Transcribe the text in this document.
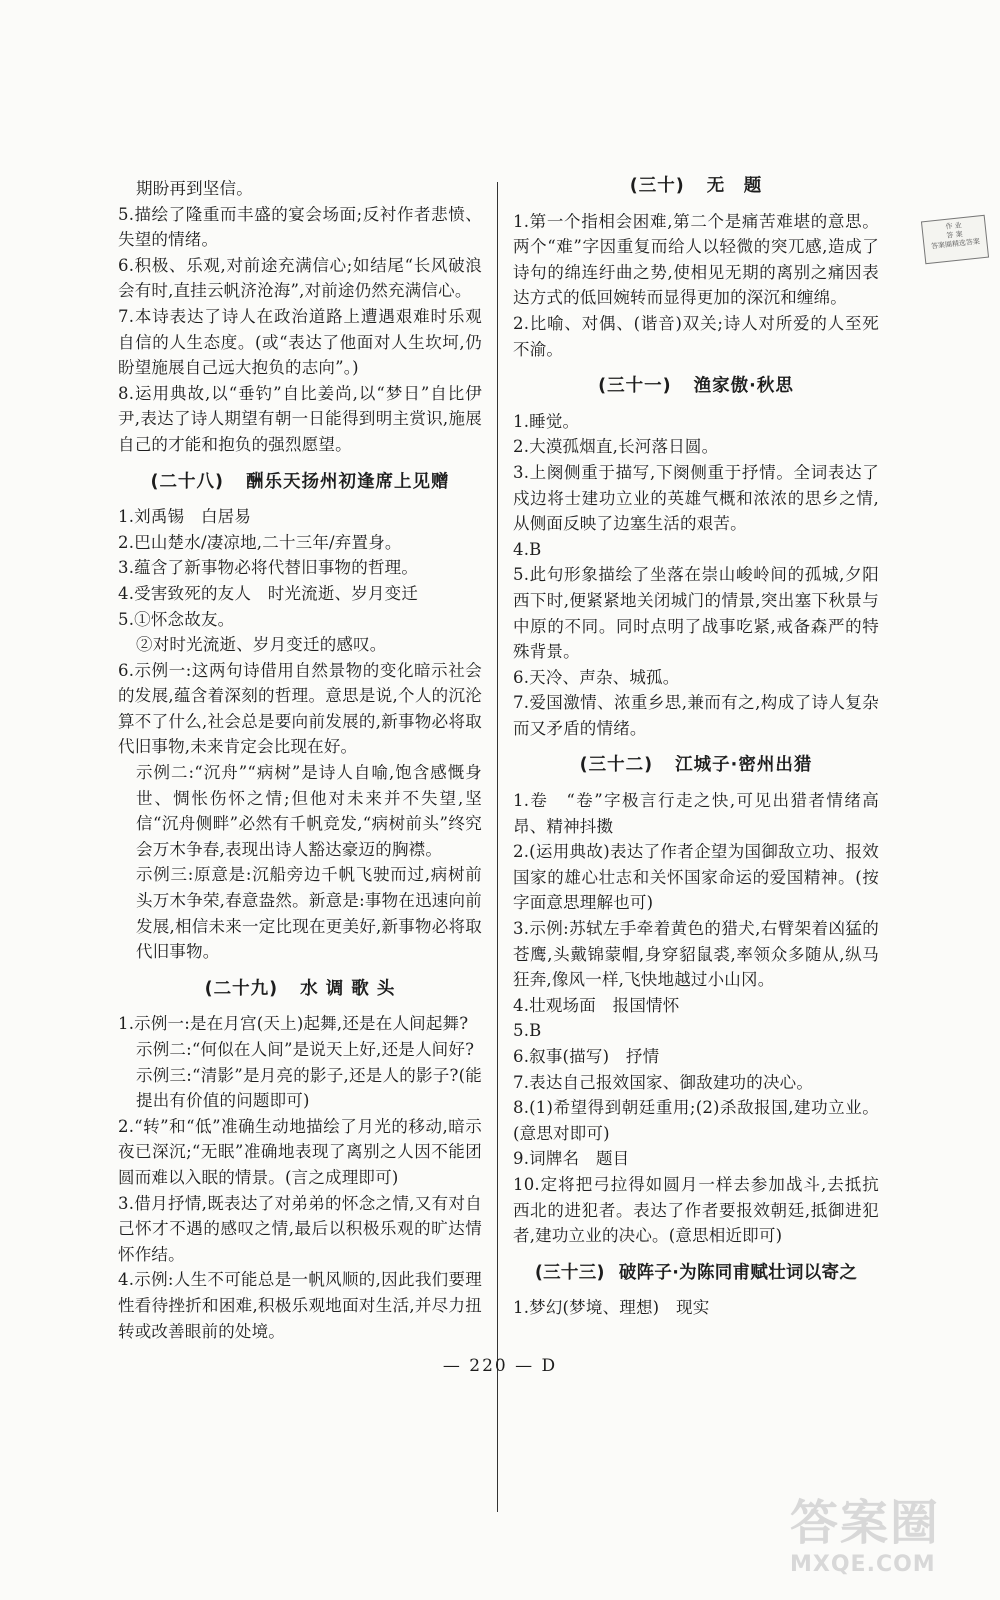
期盼再到坚信。

5.描绘了隆重而丰盛的宴会场面;反衬作者悲愤、失望的情绪。

6.积极、乐观,对前途充满信心;如结尾“长风破浪会有时,直挂云帆济沧海”,对前途仍然充满信心。

7.本诗表达了诗人在政治道路上遭遇艰难时乐观自信的人生态度。(或“表达了他面对人生坎坷,仍盼望施展自己远大抱负的志向”。)

8.运用典故,以“垂钓”自比姜尚,以“梦日”自比伊尹,表达了诗人期望有朝一日能得到明主赏识,施展自己的才能和抱负的强烈愿望。

(二十八) 酬乐天扬州初逢席上见赠

1.刘禹锡　白居易

2.巴山楚水/凄凉地,二十三年/弃置身。

3.蕴含了新事物必将代替旧事物的哲理。

4.受害致死的友人　时光流逝、岁月变迁

5.①怀念故友。

②对时光流逝、岁月变迁的感叹。

6.示例一:这两句诗借用自然景物的变化暗示社会的发展,蕴含着深刻的哲理。意思是说,个人的沉沦算不了什么,社会总是要向前发展的,新事物必将取代旧事物,未来肯定会比现在好。

示例二:“沉舟”“病树”是诗人自喻,饱含感慨身世、惆怅伤怀之情;但他对未来并不失望,坚信“沉舟侧畔”必然有千帆竞发,“病树前头”终究会万木争春,表现出诗人豁达豪迈的胸襟。

示例三:原意是:沉船旁边千帆飞驶而过,病树前头万木争荣,春意盎然。新意是:事物在迅速向前发展,相信未来一定比现在更美好,新事物必将取代旧事物。

(二十九) 水 调 歌 头

1.示例一:是在月宫(天上)起舞,还是在人间起舞?

示例二:“何似在人间”是说天上好,还是人间好?

示例三:“清影”是月亮的影子,还是人的影子?(能提出有价值的问题即可)

2.“转”和“低”准确生动地描绘了月光的移动,暗示夜已深沉;“无眠”准确地表现了离别之人因不能团圆而难以入眠的情景。(言之成理即可)

3.借月抒情,既表达了对弟弟的怀念之情,又有对自己怀才不遇的感叹之情,最后以积极乐观的旷达情怀作结。

4.示例:人生不可能总是一帆风顺的,因此我们要理性看待挫折和困难,积极乐观地面对生活,并尽力扭转或改善眼前的处境。

(三十) 无　题

1.第一个指相会困难,第二个是痛苦难堪的意思。两个“难”字因重复而给人以轻微的突兀感,造成了诗句的绵连纡曲之势,使相见无期的离别之痛因表达方式的低回婉转而显得更加的深沉和缠绵。

2.比喻、对偶、(谐音)双关;诗人对所爱的人至死不渝。

(三十一) 渔家傲·秋思

1.睡觉。

2.大漠孤烟直,长河落日圆。

3.上阕侧重于描写,下阕侧重于抒情。全词表达了戍边将士建功立业的英雄气概和浓浓的思乡之情,从侧面反映了边塞生活的艰苦。

4.B

5.此句形象描绘了坐落在崇山峻岭间的孤城,夕阳西下时,便紧紧地关闭城门的情景,突出塞下秋景与中原的不同。同时点明了战事吃紧,戒备森严的特殊背景。

6.天冷、声杂、城孤。

7.爱国激情、浓重乡思,兼而有之,构成了诗人复杂而又矛盾的情绪。

(三十二) 江城子·密州出猎

1.卷　“卷”字极言行走之快,可见出猎者情绪高昂、精神抖擞

2.(运用典故)表达了作者企望为国御敌立功、报效国家的雄心壮志和关怀国家命运的爱国精神。(按字面意思理解也可)

3.示例:苏轼左手牵着黄色的猎犬,右臂架着凶猛的苍鹰,头戴锦蒙帽,身穿貂鼠裘,率领众多随从,纵马狂奔,像风一样,飞快地越过小山冈。

4.壮观场面　报国情怀

5.B

6.叙事(描写)　抒情

7.表达自己报效国家、御敌建功的决心。

8.(1)希望得到朝廷重用;(2)杀敌报国,建功立业。(意思对即可)

9.词牌名　题目

10.定将把弓拉得如圆月一样去参加战斗,去抵抗西北的进犯者。表达了作者要报效朝廷,抵御进犯者,建功立业的决心。(意思相近即可)

(三十三) 破阵子·为陈同甫赋壮词以寄之

1.梦幻(梦境、理想)　现实

作 业
答 案
答案圈精选答案
— 220 — D
答案圈
MXQE.COM
